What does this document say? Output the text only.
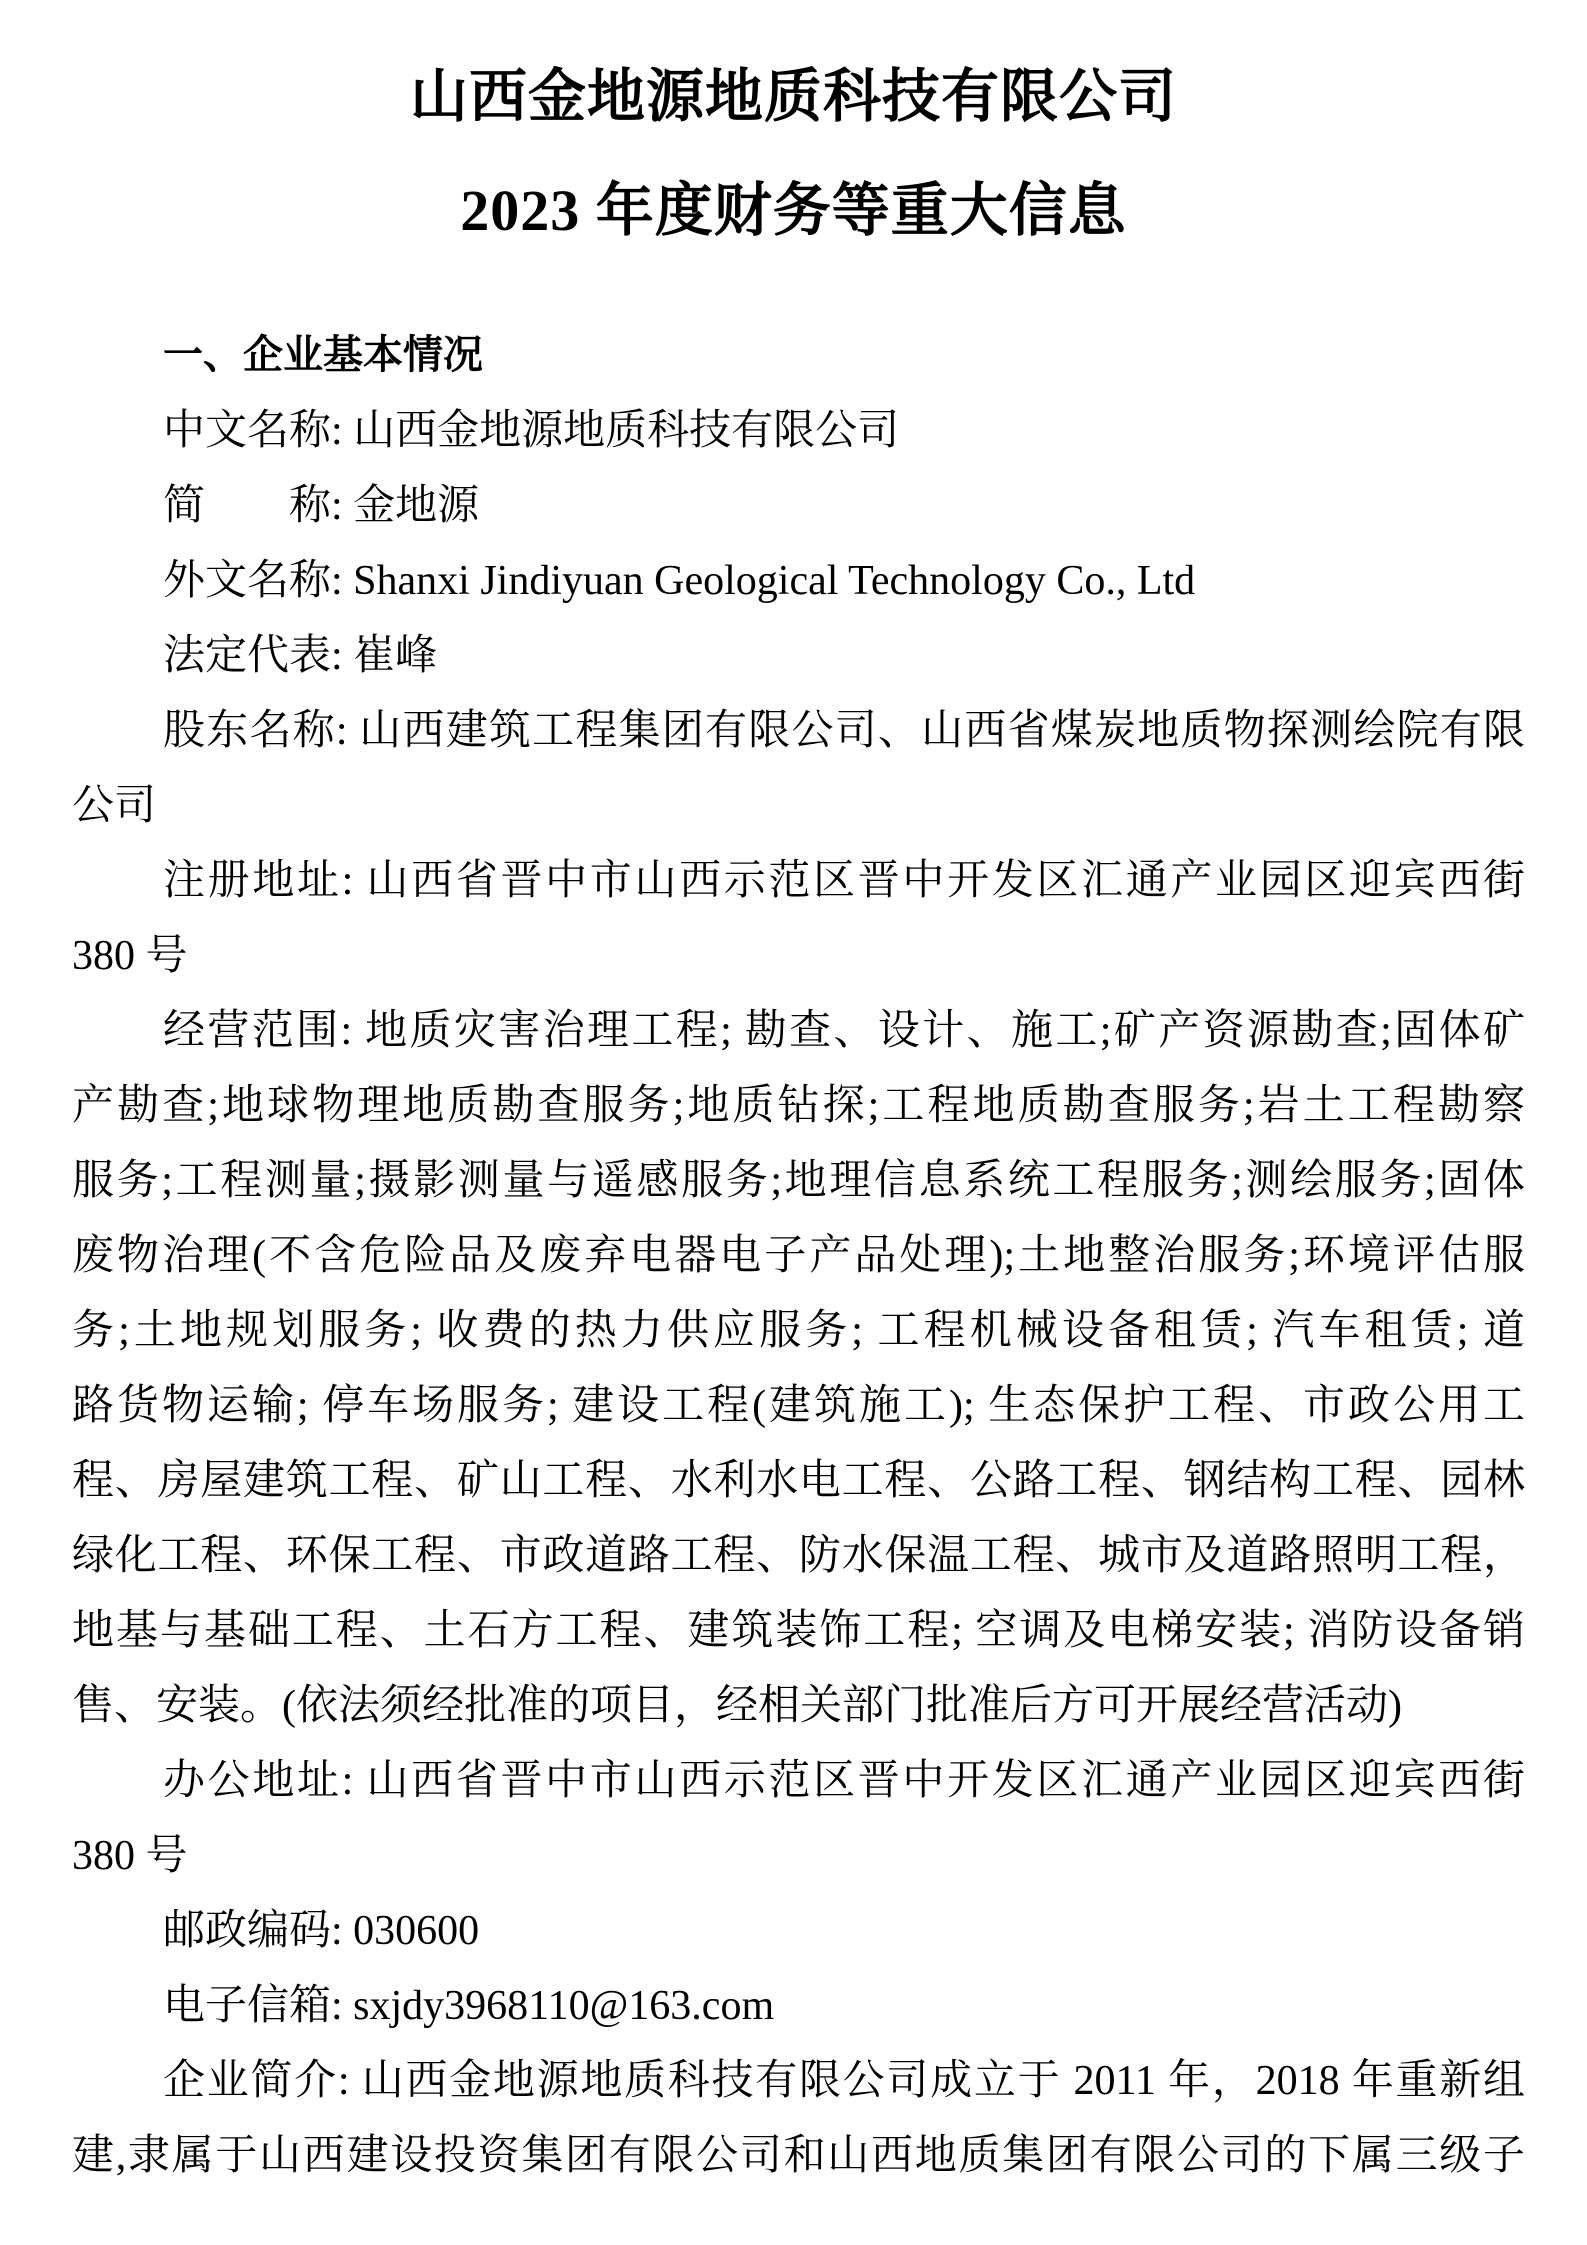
山西金地源地质科技有限公司
2023 年度财务等重大信息
一、企业基本情况
中文名称: 山西金地源地质科技有限公司
简　　称: 金地源
外文名称: Shanxi Jindiyuan Geological Technology Co., Ltd
法定代表: 崔峰
股东名称: 山西建筑工程集团有限公司、山西省煤炭地质物探测绘院有限
公司
注册地址: 山西省晋中市山西示范区晋中开发区汇通产业园区迎宾西街
380 号
经营范围: 地质灾害治理工程; 勘查、设计、施工;矿产资源勘查;固体矿
产勘查;地球物理地质勘查服务;地质钻探;工程地质勘查服务;岩土工程勘察
服务;工程测量;摄影测量与遥感服务;地理信息系统工程服务;测绘服务;固体
废物治理(不含危险品及废弃电器电子产品处理);土地整治服务;环境评估服
务;土地规划服务; 收费的热力供应服务; 工程机械设备租赁; 汽车租赁; 道
路货物运输; 停车场服务; 建设工程(建筑施工); 生态保护工程、市政公用工
程、房屋建筑工程、矿山工程、水利水电工程、公路工程、钢结构工程、园林
绿化工程、环保工程、市政道路工程、防水保温工程、城市及道路照明工程，
地基与基础工程、土石方工程、建筑装饰工程; 空调及电梯安装; 消防设备销
售、安装。(依法须经批准的项目，经相关部门批准后方可开展经营活动)
办公地址: 山西省晋中市山西示范区晋中开发区汇通产业园区迎宾西街
380 号
邮政编码: 030600
电子信箱: sxjdy3968110@163.com
企业简介: 山西金地源地质科技有限公司成立于 2011 年，2018 年重新组
建,隶属于山西建设投资集团有限公司和山西地质集团有限公司的下属三级子
